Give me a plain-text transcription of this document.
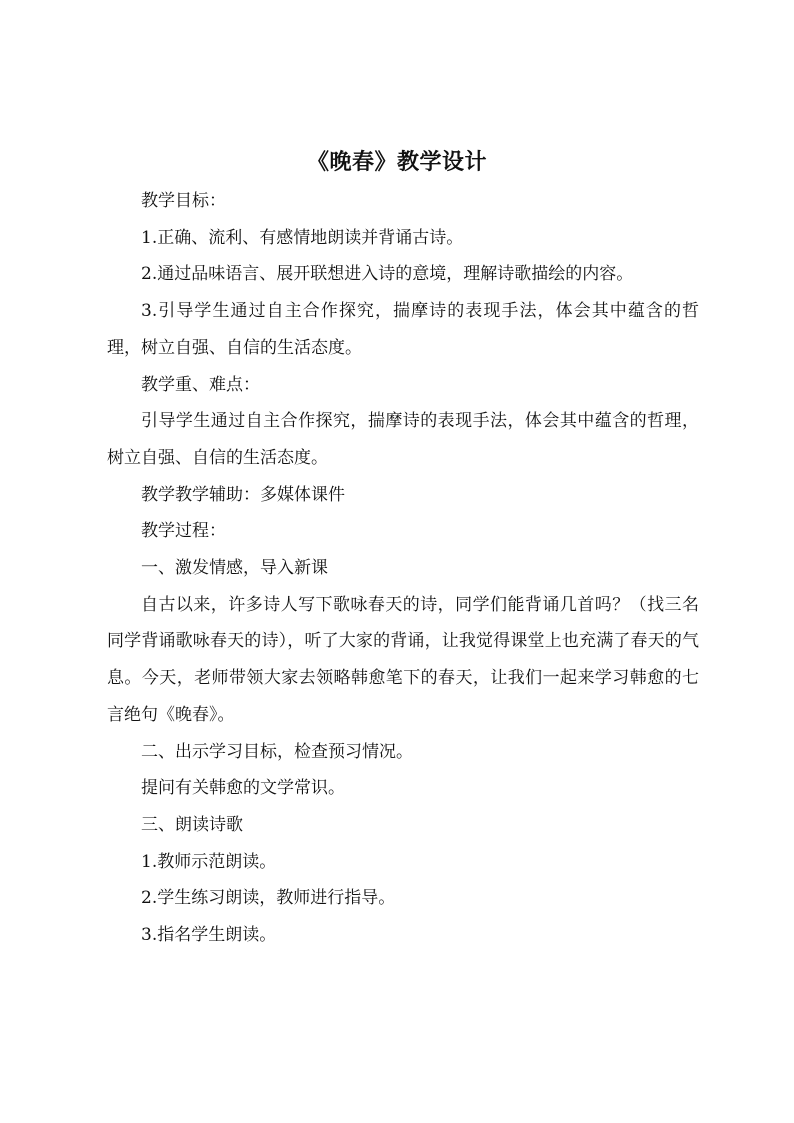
《晚春》教学设计

教学目标：

1.正确、流利、有感情地朗读并背诵古诗。

2.通过品味语言、展开联想进入诗的意境，理解诗歌描绘的内容。

3.引导学生通过自主合作探究，揣摩诗的表现手法，体会其中蕴含的哲理，树立自强、自信的生活态度。

教学重、难点：

引导学生通过自主合作探究，揣摩诗的表现手法，体会其中蕴含的哲理，树立自强、自信的生活态度。

教学教学辅助：多媒体课件

教学过程：

一、激发情感，导入新课

自古以来，许多诗人写下歌咏春天的诗，同学们能背诵几首吗？（找三名同学背诵歌咏春天的诗），听了大家的背诵，让我觉得课堂上也充满了春天的气息。今天，老师带领大家去领略韩愈笔下的春天，让我们一起来学习韩愈的七言绝句《晚春》。

二、出示学习目标，检查预习情况。

提问有关韩愈的文学常识。

三、朗读诗歌

1.教师示范朗读。

2.学生练习朗读，教师进行指导。

3.指名学生朗读。
